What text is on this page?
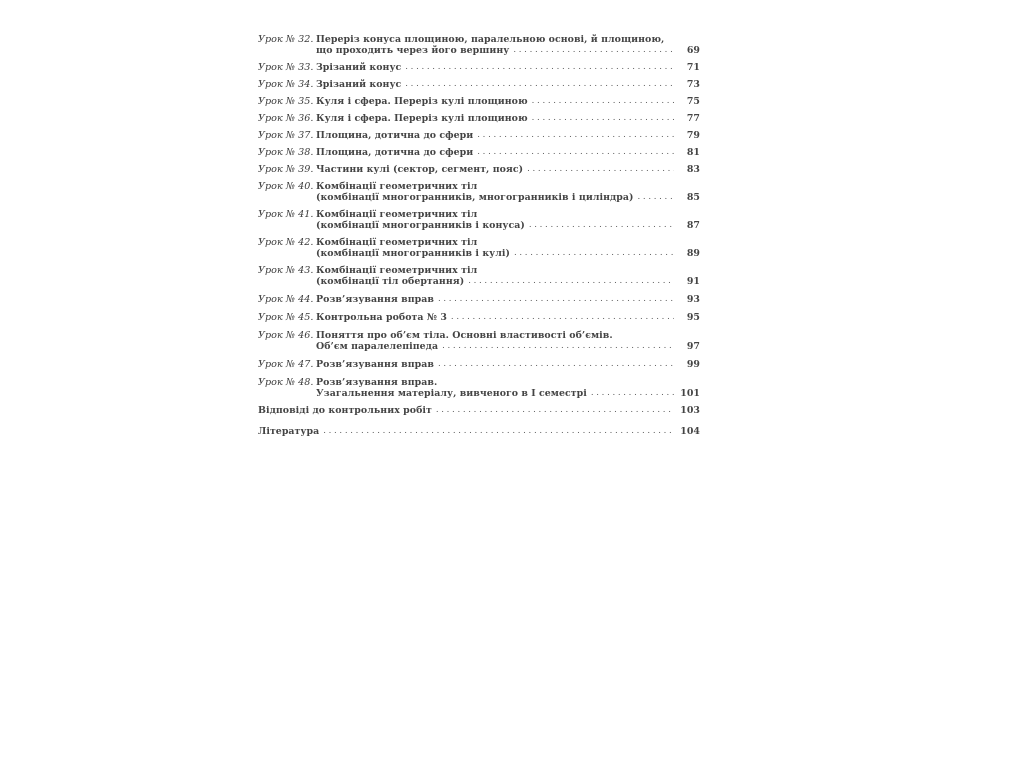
Урок № 32. Переріз конуса площиною, паралельною основі, й площиною,
що проходить через його вершину . . .	69
Урок № 33. Зрізаний конус . . .	71
Урок № 34. Зрізаний конус . . .	73
Урок № 35. Куля і сфера. Переріз кулі площиною . . .	75
Урок № 36. Куля і сфера. Переріз кулі площиною . . .	77
Урок № 37. Площина, дотична до сфери . . .	79
Урок № 38. Площина, дотична до сфери . . .	81
Урок № 39. Частини кулі (сектор, сегмент, пояс) . . .	83
Урок № 40. Комбінації геометричних тіл
(комбінації многогранників, многогранників і циліндра) . . .	85
Урок № 41. Комбінації геометричних тіл
(комбінації многогранників і конуса) . . .	87
Урок № 42. Комбінації геометричних тіл
(комбінації многогранників і кулі) . . .	89
Урок № 43. Комбінації геометричних тіл
(комбінації тіл обертання) . . .	91
Урок № 44. Розв’язування вправ . . .	93
Урок № 45. Контрольна робота № 3 . . .	95
Урок № 46. Поняття про об’єм тіла. Основні властивості об’ємів.
Об’єм паралелепіпеда . . .	97
Урок № 47. Розв’язування вправ . . .	99
Урок № 48. Розв’язування вправ.
Узагальнення матеріалу, вивченого в I семестрі . . .	101
Відповіді до контрольних робіт . . .	103
Література . . .	104
